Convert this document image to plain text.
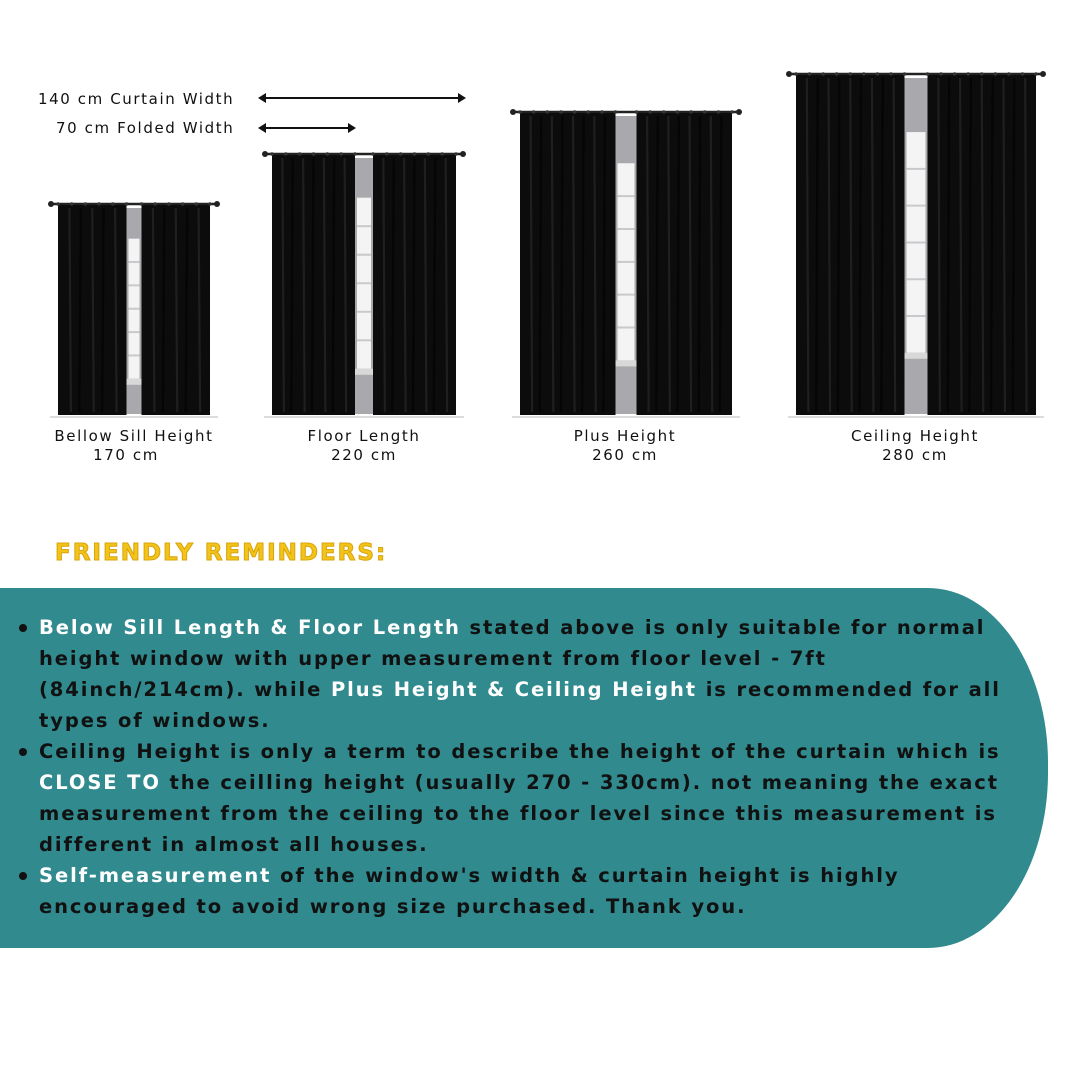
140 cm Curtain Width
70 cm Folded Width
Bellow Sill Height
170 cm
Floor Length
220 cm
Plus Height
260 cm
Ceiling Height
280 cm
FRIENDLY REMINDERS:
Below Sill Length & Floor Length stated above is only suitable for normal height window with upper measurement from floor level - 7ft (84inch/214cm). while Plus Height & Ceiling Height is recommended for all types of windows.
Ceiling Height is only a term to describe the height of the curtain which is CLOSE TO the ceilling height (usually 270 - 330cm). not meaning the exact measurement from the ceiling to the floor level since this measurement is different in almost all houses.
Self-measurement of the window's width & curtain height is highly encouraged to avoid wrong size purchased. Thank you.
